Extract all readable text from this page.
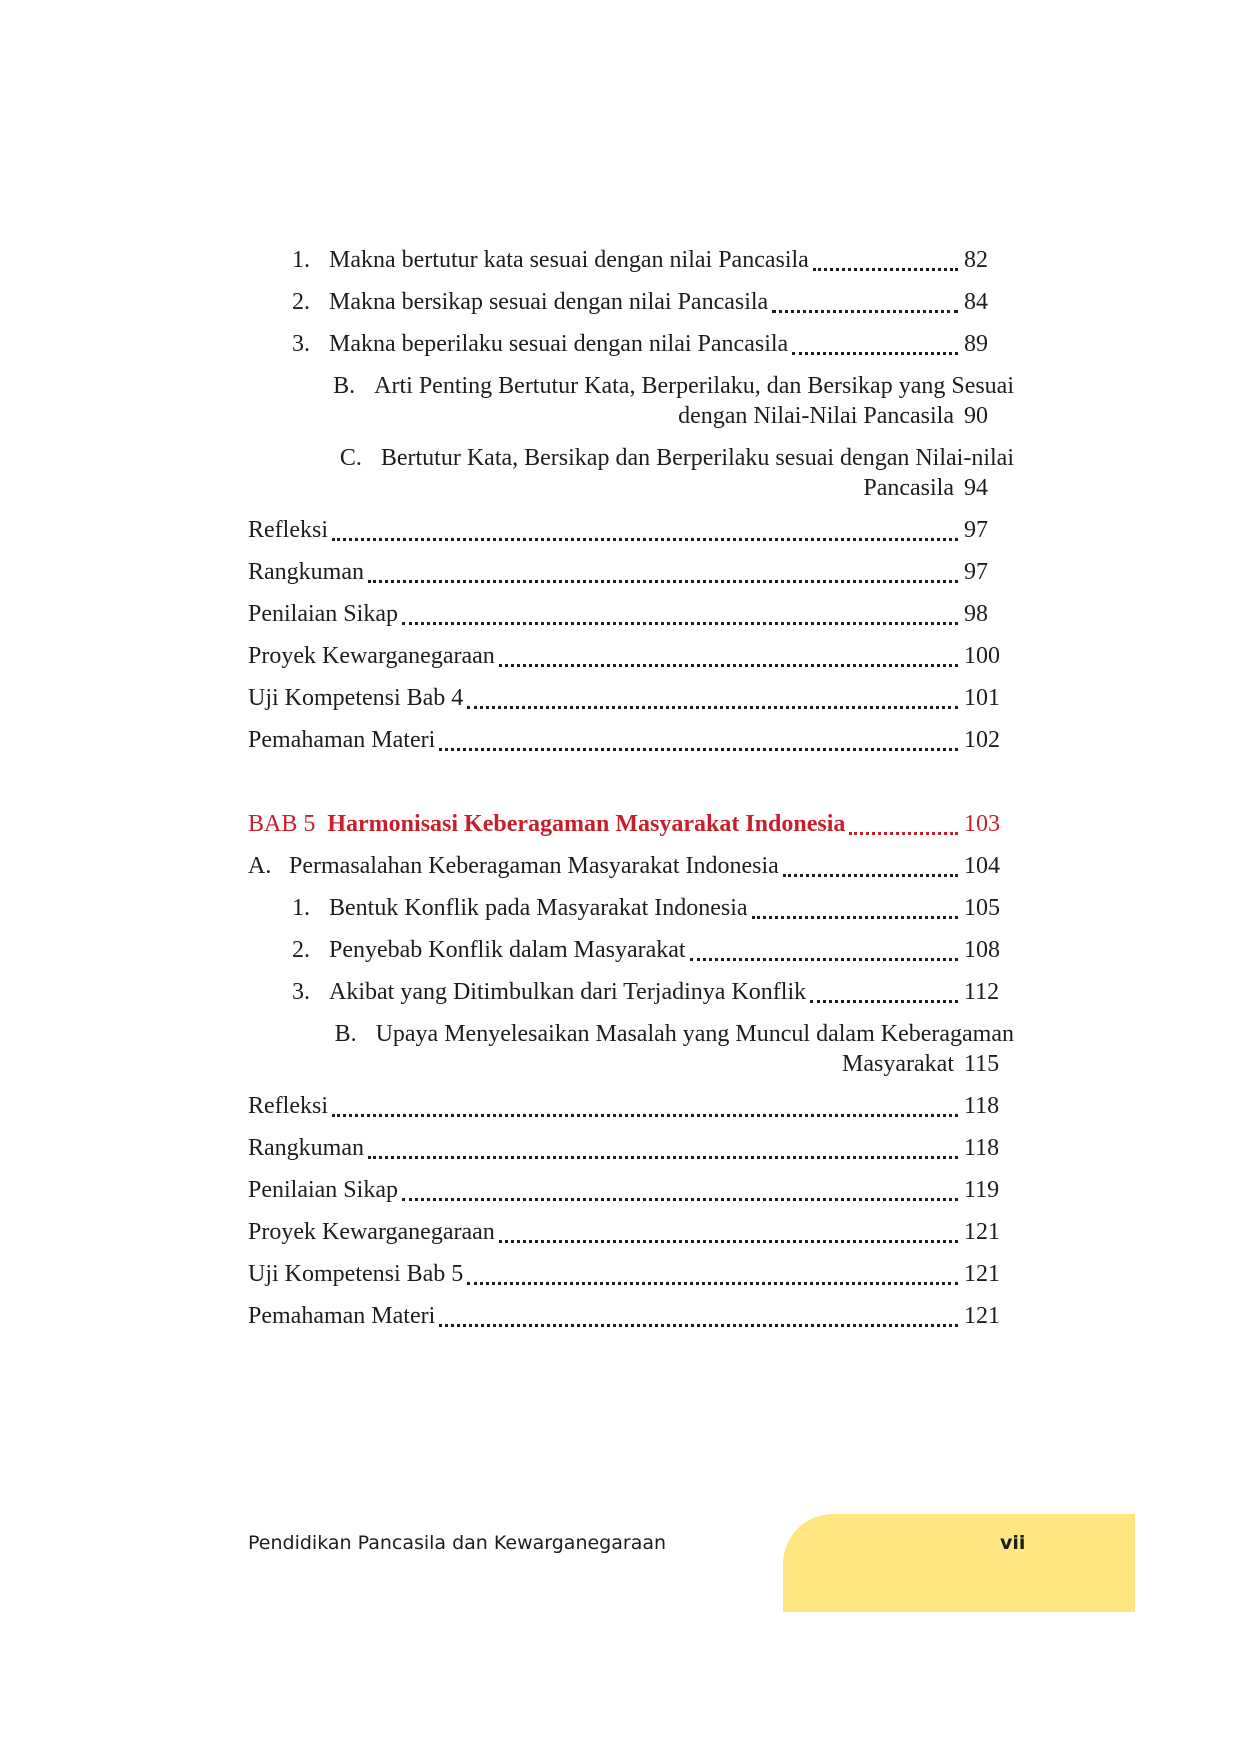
1. Makna bertutur kata sesuai dengan nilai Pancasila	82
2. Makna bersikap sesuai dengan nilai Pancasila	84
3. Makna beperilaku sesuai dengan nilai Pancasila	89
B. Arti Penting Bertutur Kata, Berperilaku, dan Bersikap yang Sesuai
dengan Nilai-Nilai Pancasila 90
C. Bertutur Kata, Bersikap dan Berperilaku sesuai dengan Nilai-nilai
Pancasila 94
Refleksi	97
Rangkuman	97
Penilaian Sikap	98
Proyek Kewarganegaraan	100
Uji Kompetensi Bab 4	101
Pemahaman Materi	102
BAB 5 Harmonisasi Keberagaman Masyarakat Indonesia	103
A. Permasalahan Keberagaman Masyarakat Indonesia	104
1. Bentuk Konflik pada Masyarakat Indonesia	105
2. Penyebab Konflik dalam Masyarakat	108
3. Akibat yang Ditimbulkan dari Terjadinya Konflik	112
B. Upaya Menyelesaikan Masalah yang Muncul dalam Keberagaman
Masyarakat 115
Refleksi	118
Rangkuman	118
Penilaian Sikap	119
Proyek Kewarganegaraan	121
Uji Kompetensi Bab 5	121
Pemahaman Materi	121
Pendidikan Pancasila dan Kewarganegaraan	vii
